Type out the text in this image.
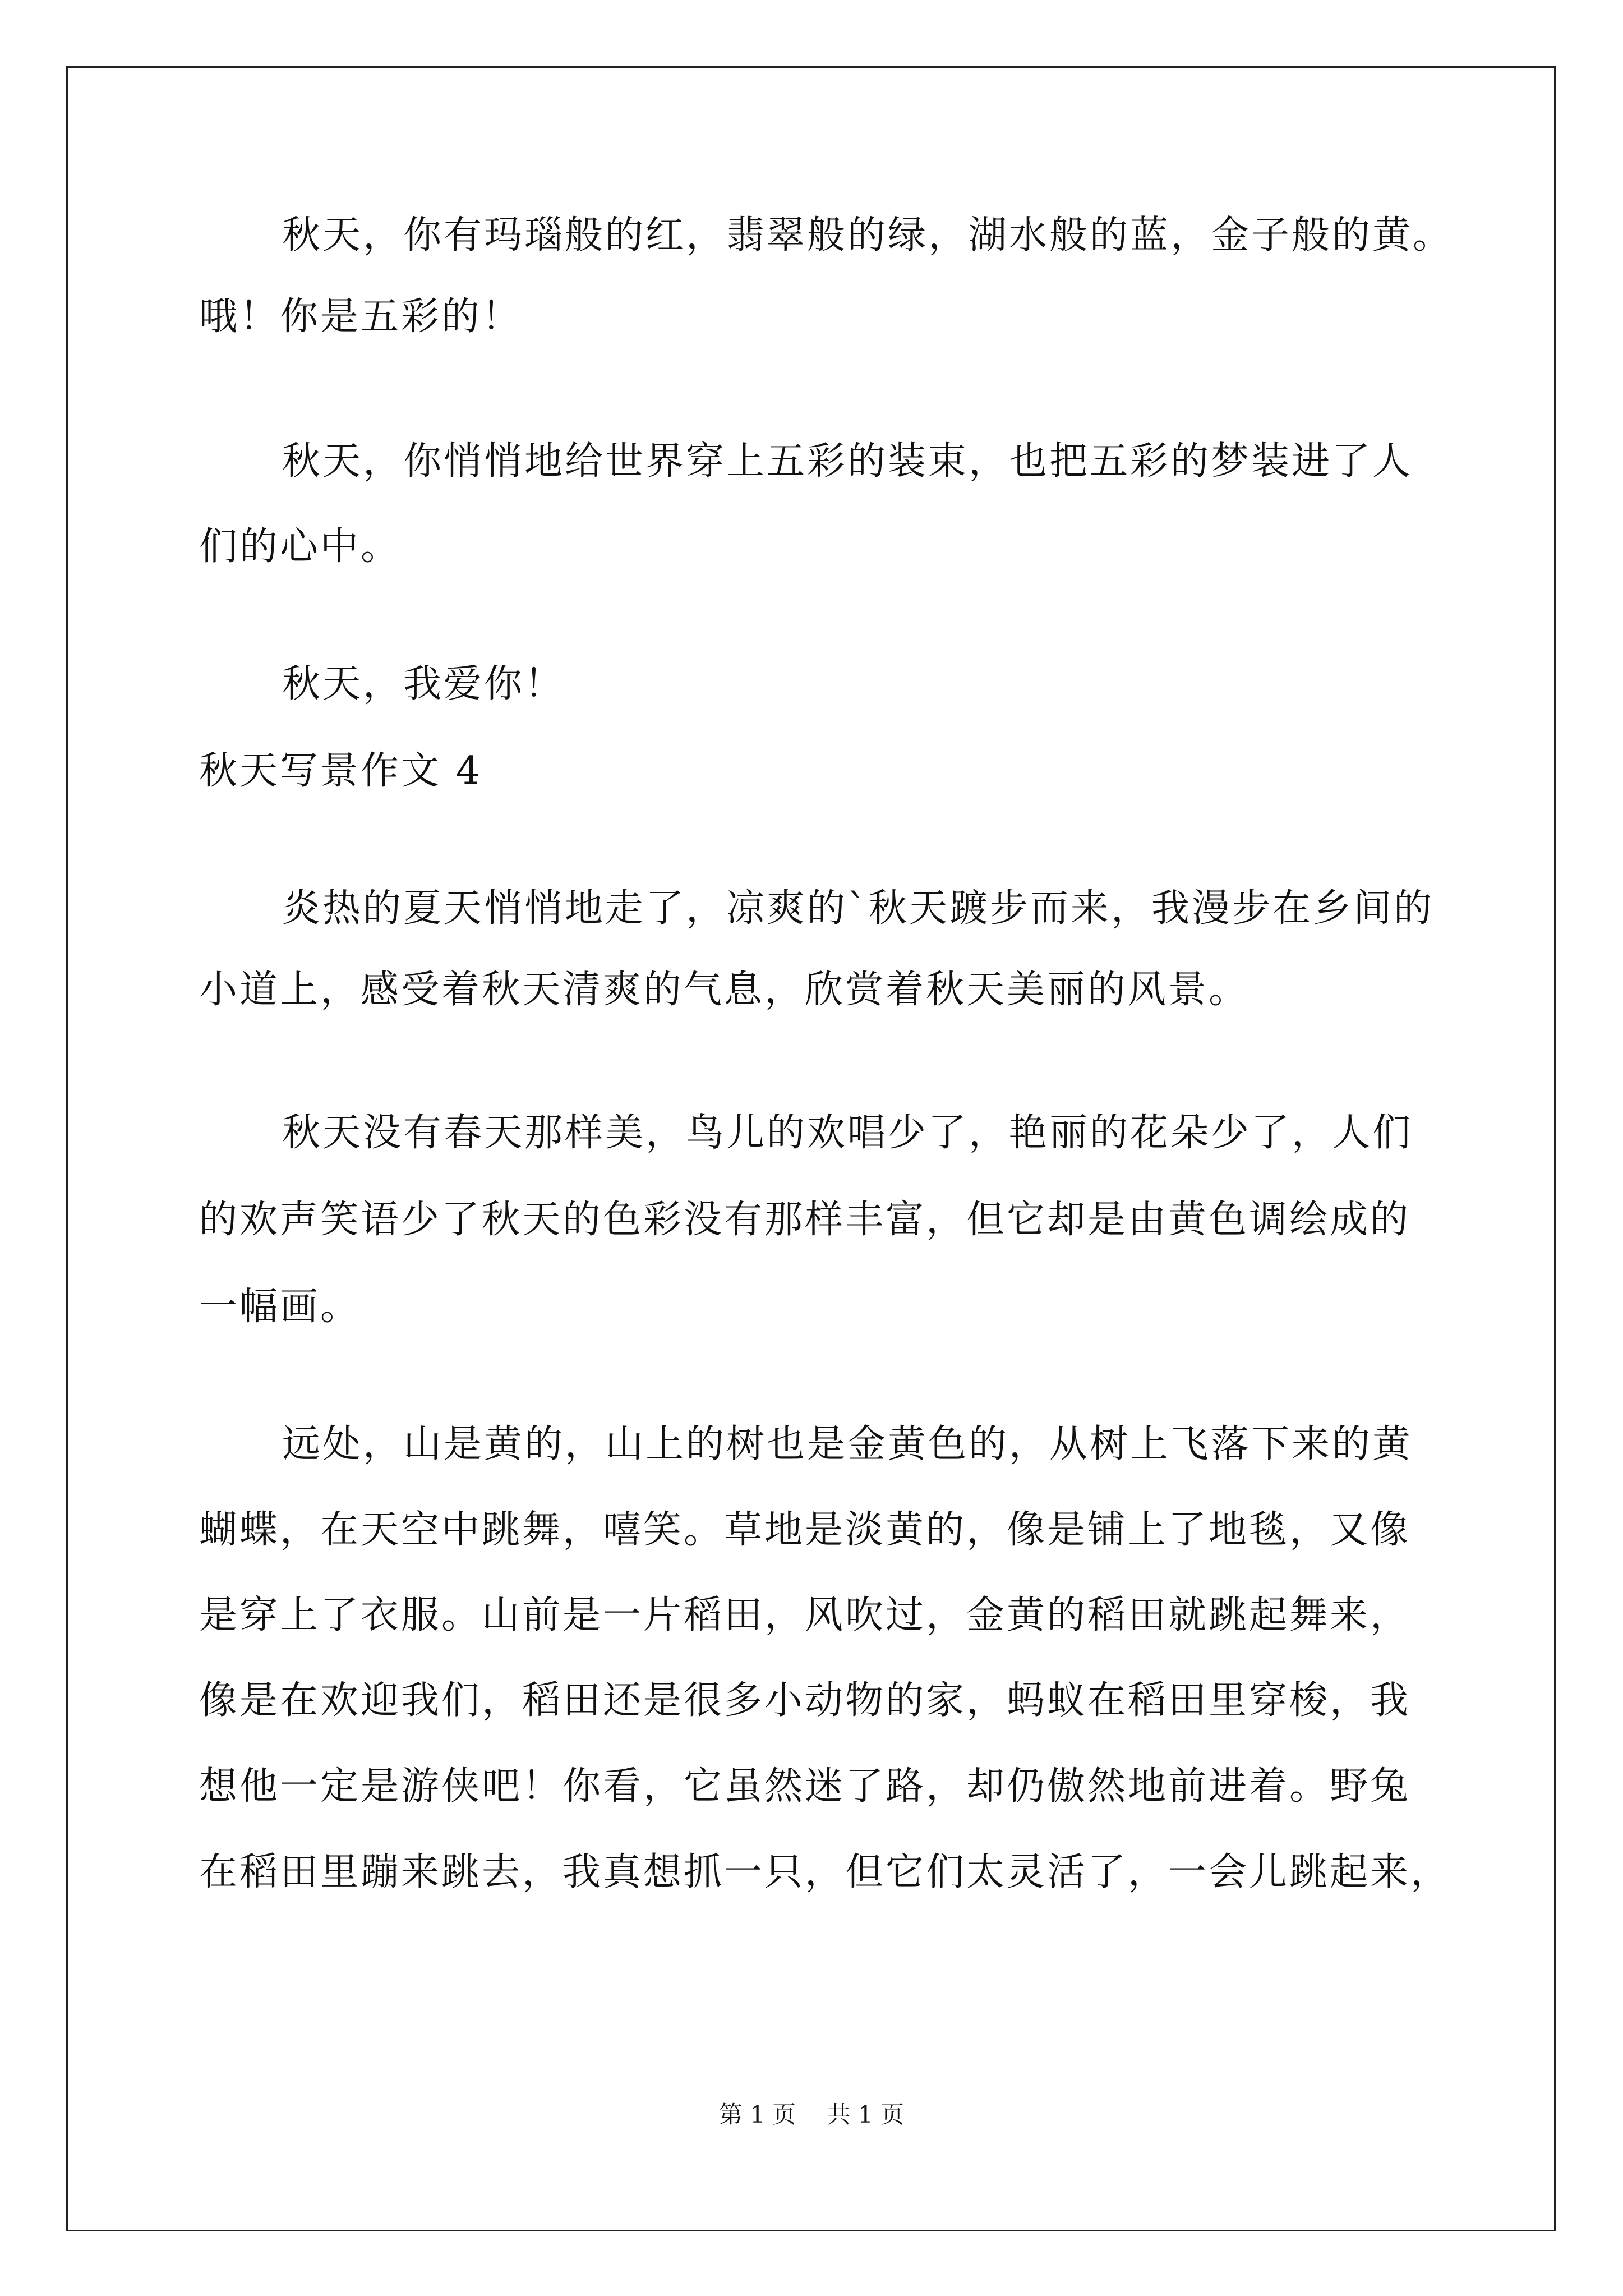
秋天，你有玛瑙般的红，翡翠般的绿，湖水般的蓝，金子般的黄。
哦！你是五彩的！
秋天，你悄悄地给世界穿上五彩的装束，也把五彩的梦装进了人
们的心中。
秋天，我爱你！
秋天写景作文 4
炎热的夏天悄悄地走了，凉爽的`秋天踱步而来，我漫步在乡间的
小道上，感受着秋天清爽的气息，欣赏着秋天美丽的风景。
秋天没有春天那样美，鸟儿的欢唱少了，艳丽的花朵少了，人们
的欢声笑语少了秋天的色彩没有那样丰富，但它却是由黄色调绘成的
一幅画。
远处，山是黄的，山上的树也是金黄色的，从树上飞落下来的黄
蝴蝶，在天空中跳舞，嘻笑。草地是淡黄的，像是铺上了地毯，又像
是穿上了衣服。山前是一片稻田，风吹过，金黄的稻田就跳起舞来，
像是在欢迎我们，稻田还是很多小动物的家，蚂蚁在稻田里穿梭，我
想他一定是游侠吧！你看，它虽然迷了路，却仍傲然地前进着。野兔
在稻田里蹦来跳去，我真想抓一只，但它们太灵活了，一会儿跳起来，
第 1 页 共 1 页
